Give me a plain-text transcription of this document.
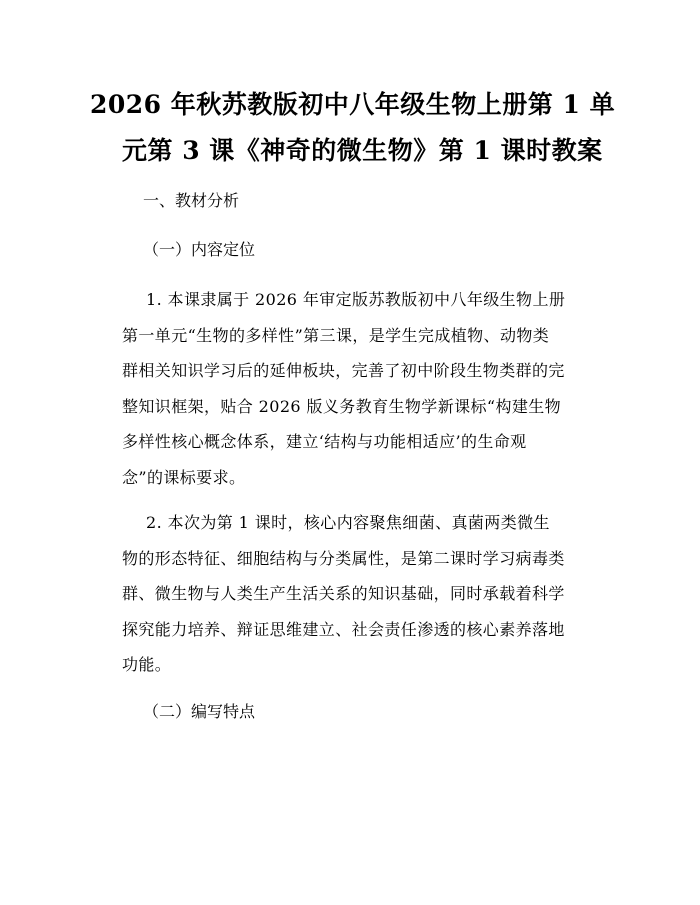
2026 年秋苏教版初中八年级生物上册第 1 单
元第 3 课《神奇的微生物》第 1 课时教案
一、教材分析
（一）内容定位
1. 本课隶属于 2026 年审定版苏教版初中八年级生物上册
第一单元“生物的多样性”第三课，是学生完成植物、动物类
群相关知识学习后的延伸板块，完善了初中阶段生物类群的完
整知识框架，贴合 2026 版义务教育生物学新课标“构建生物
多样性核心概念体系，建立‘结构与功能相适应’的生命观
念”的课标要求。
2. 本次为第 1 课时，核心内容聚焦细菌、真菌两类微生
物的形态特征、细胞结构与分类属性，是第二课时学习病毒类
群、微生物与人类生产生活关系的知识基础，同时承载着科学
探究能力培养、辩证思维建立、社会责任渗透的核心素养落地
功能。
（二）编写特点
